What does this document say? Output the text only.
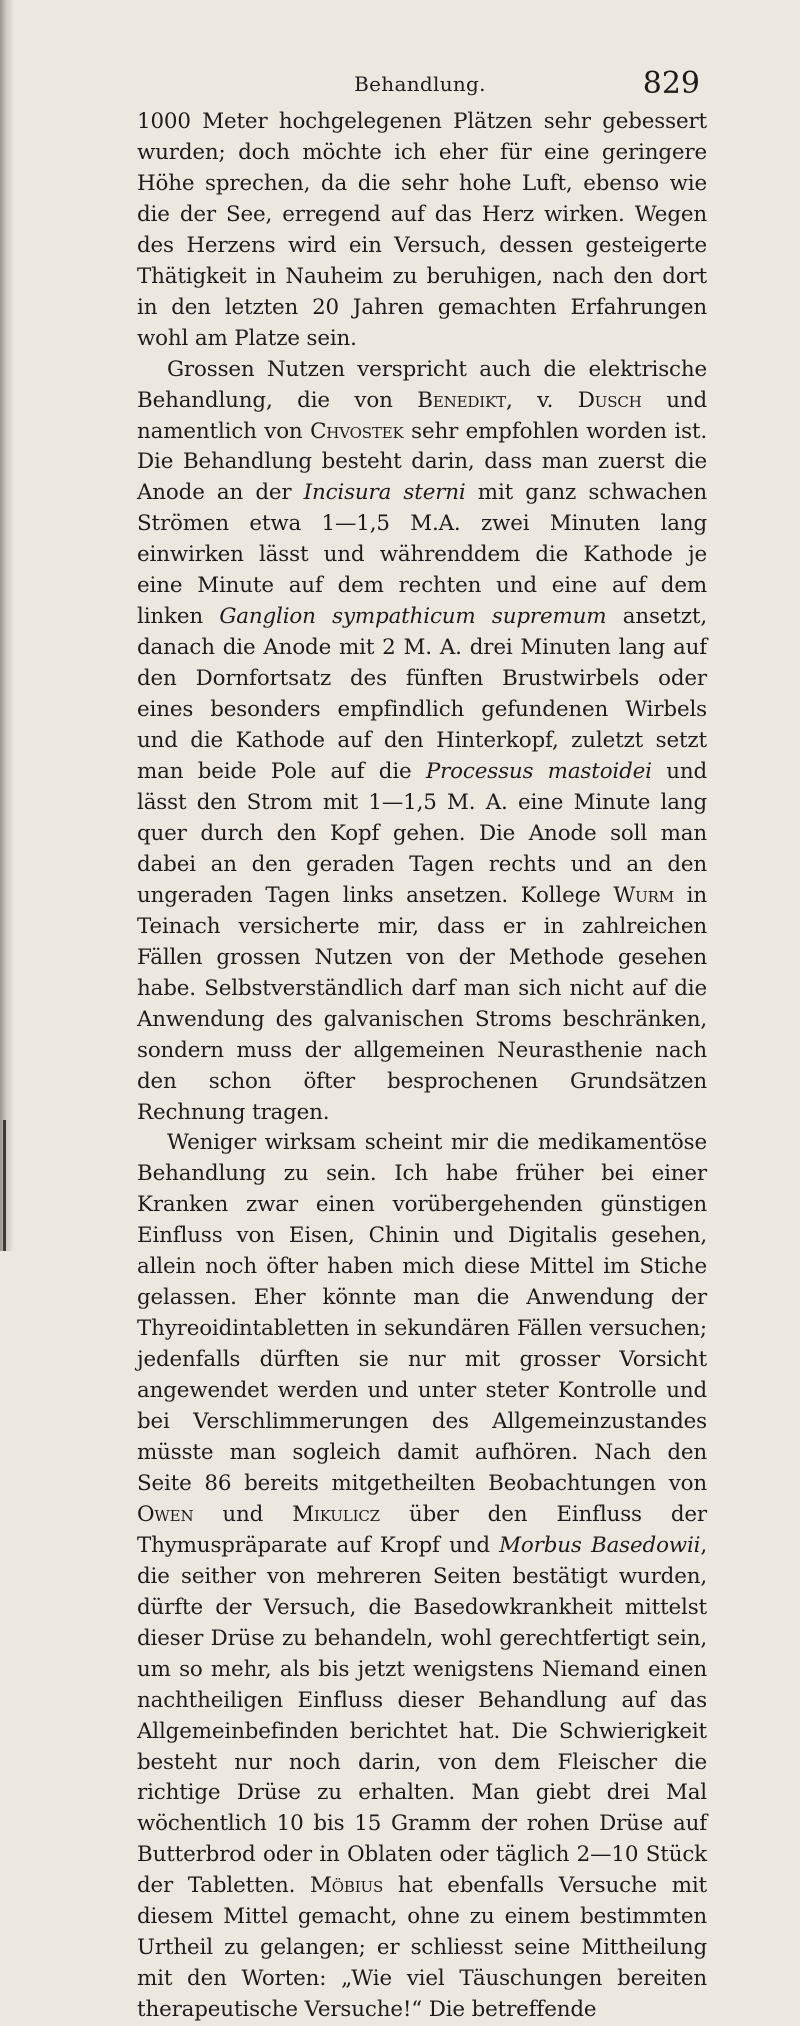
Behandlung.	829

1000 Meter hochgelegenen Plätzen sehr gebessert wurden; doch möchte ich eher für eine geringere Höhe sprechen, da die sehr hohe Luft, ebenso wie die der See, erregend auf das Herz wirken. Wegen des Herzens wird ein Versuch, dessen gesteigerte Thätigkeit in Nauheim zu beruhigen, nach den dort in den letzten 20 Jahren gemachten Erfahrungen wohl am Platze sein.

Grossen Nutzen verspricht auch die elektrische Behandlung, die von Benedikt, v. Dusch und namentlich von Chvostek sehr empfohlen worden ist. Die Behandlung besteht darin, dass man zuerst die Anode an der Incisura sterni mit ganz schwachen Strömen etwa 1—1,5 M.A. zwei Minuten lang einwirken lässt und währenddem die Kathode je eine Minute auf dem rechten und eine auf dem linken Ganglion sympathicum supremum ansetzt, danach die Anode mit 2 M. A. drei Minuten lang auf den Dornfortsatz des fünften Brustwirbels oder eines besonders empfindlich gefundenen Wirbels und die Kathode auf den Hinterkopf, zuletzt setzt man beide Pole auf die Processus mastoidei und lässt den Strom mit 1—1,5 M. A. eine Minute lang quer durch den Kopf gehen. Die Anode soll man dabei an den geraden Tagen rechts und an den ungeraden Tagen links ansetzen. Kollege Wurm in Teinach versicherte mir, dass er in zahlreichen Fällen grossen Nutzen von der Methode gesehen habe. Selbstverständlich darf man sich nicht auf die Anwendung des galvanischen Stroms beschränken, sondern muss der allgemeinen Neurasthenie nach den schon öfter besprochenen Grundsätzen Rechnung tragen.

Weniger wirksam scheint mir die medikamentöse Behandlung zu sein. Ich habe früher bei einer Kranken zwar einen vorübergehenden günstigen Einfluss von Eisen, Chinin und Digitalis gesehen, allein noch öfter haben mich diese Mittel im Stiche gelassen. Eher könnte man die Anwendung der Thyreoidintabletten in sekundären Fällen versuchen; jedenfalls dürften sie nur mit grosser Vorsicht angewendet werden und unter steter Kontrolle und bei Verschlimmerungen des Allgemeinzustandes müsste man sogleich damit aufhören. Nach den Seite 86 bereits mitgetheilten Beobachtungen von Owen und Mikulicz über den Einfluss der Thymuspräparate auf Kropf und Morbus Basedowii, die seither von mehreren Seiten bestätigt wurden, dürfte der Versuch, die Basedowkrankheit mittelst dieser Drüse zu behandeln, wohl gerechtfertigt sein, um so mehr, als bis jetzt wenigstens Niemand einen nachtheiligen Einfluss dieser Behandlung auf das Allgemeinbefinden berichtet hat. Die Schwierigkeit besteht nur noch darin, von dem Fleischer die richtige Drüse zu erhalten. Man giebt drei Mal wöchentlich 10 bis 15 Gramm der rohen Drüse auf Butterbrod oder in Oblaten oder täglich 2—10 Stück der Tabletten. Möbius hat ebenfalls Versuche mit diesem Mittel gemacht, ohne zu einem bestimmten Urtheil zu gelangen; er schliesst seine Mittheilung mit den Worten: „Wie viel Täuschungen bereiten therapeutische Versuche!“ Die betreffende
